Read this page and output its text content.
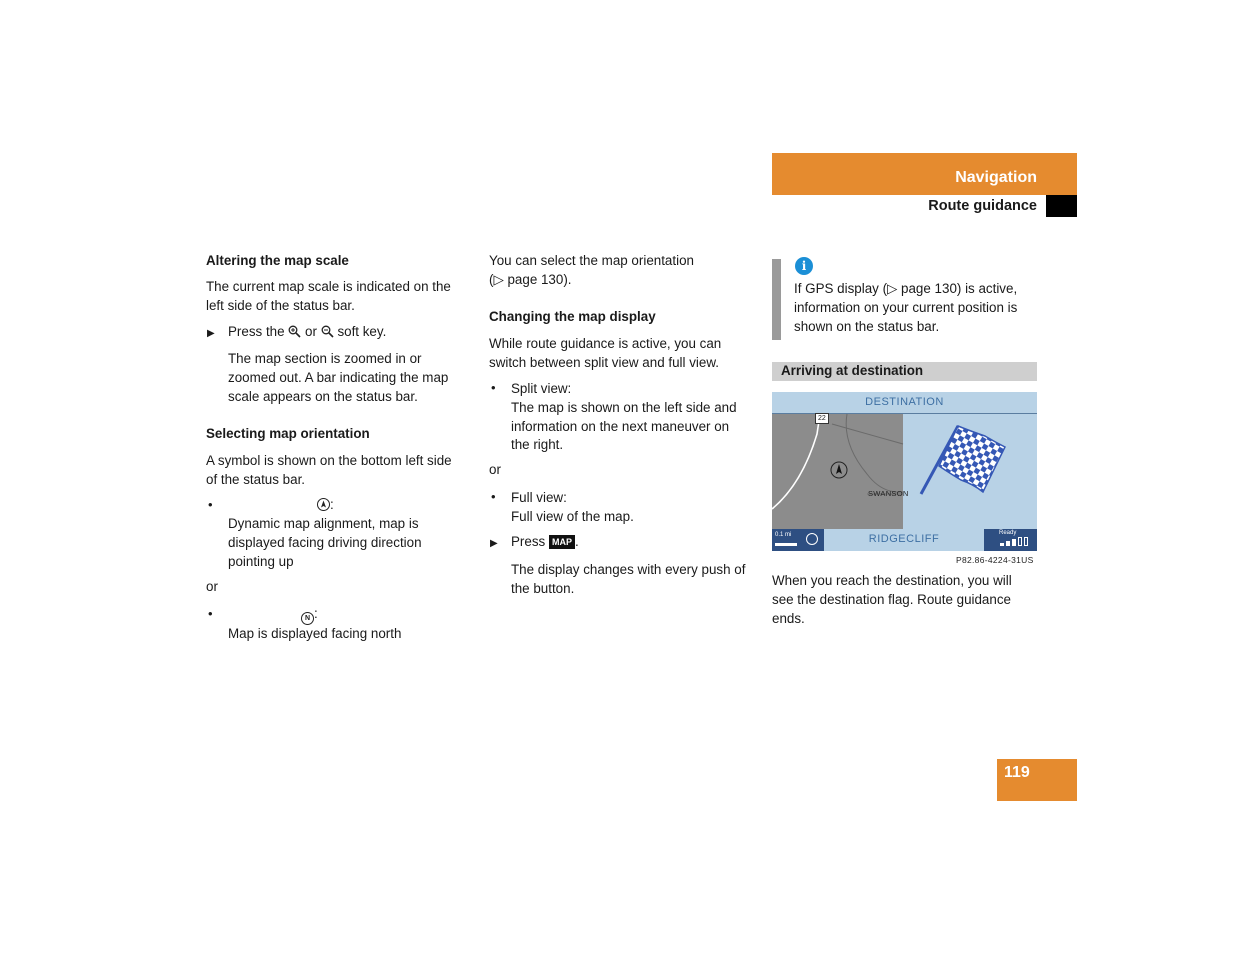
Navigation
Route guidance
Altering the map scale

The current map scale is indicated on the

left side of the status bar.

▶ Press the or soft key.

The map section is zoomed in or

zoomed out. A bar indicating the map

scale appears on the status bar.

Selecting map orientation

A symbol is shown on the bottom left side

of the status bar.

•	:

Dynamic map alignment, map is

displayed facing driving direction

pointing up

or
•	N :

Map is displayed facing north

You can select the map orientation

(▷ page 130).

Changing the map display

While route guidance is active, you can

switch between split view and full view.

• Split view:

The map is shown on the left side and

information on the next maneuver on

the right.

or
• Full view:

Full view of the map.

▶ Press MAP .

The display changes with every push of

the button.

i

If GPS display (▷ page 130) is active,

information on your current position is

shown on the status bar.

Arriving at destination
DESTINATION
22
SWANSON
0.1 mi	RIDGECLIFF	Ready
P82.86-4224-31US

When you reach the destination, you will

see the destination flag. Route guidance

ends.

119
